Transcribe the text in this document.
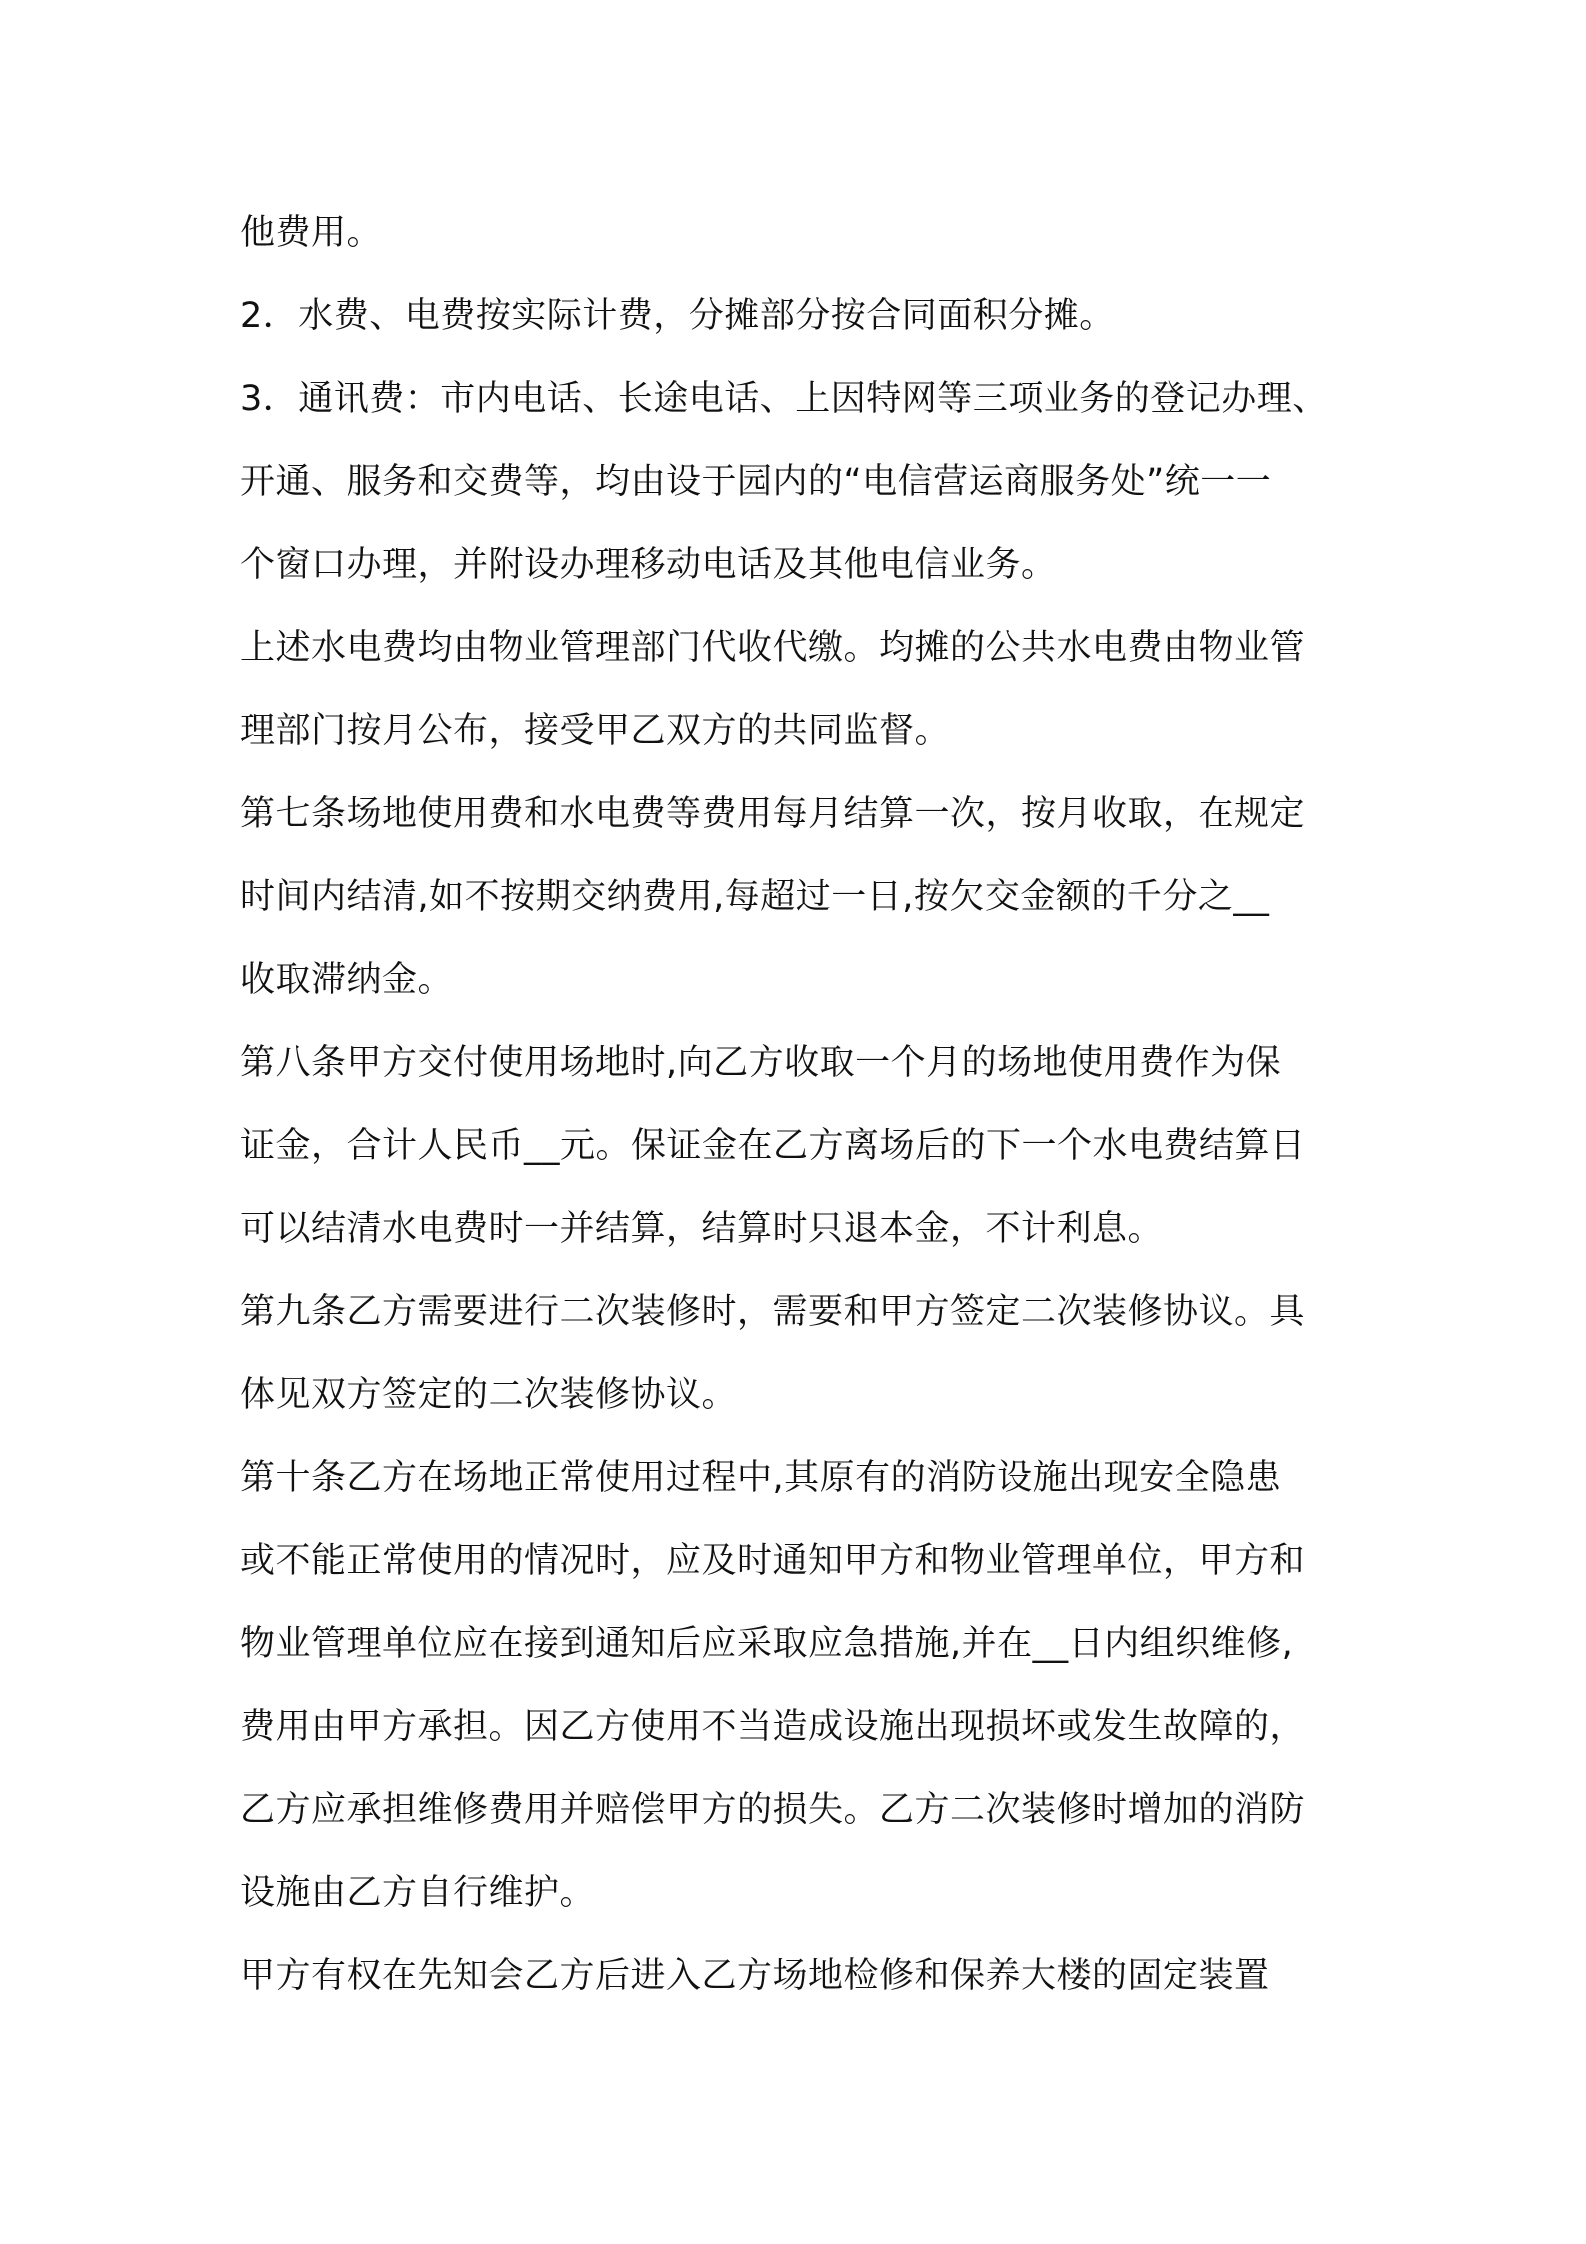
他费用。
2．水费、电费按实际计费，分摊部分按合同面积分摊。
3．通讯费：市内电话、长途电话、上因特网等三项业务的登记办理、
开通、服务和交费等，均由设于园内的“电信营运商服务处”统一一
个窗口办理，并附设办理移动电话及其他电信业务。
上述水电费均由物业管理部门代收代缴。均摊的公共水电费由物业管
理部门按月公布，接受甲乙双方的共同监督。
第七条场地使用费和水电费等费用每月结算一次，按月收取，在规定
时间内结清,如不按期交纳费用,每超过一日,按欠交金额的千分之__
收取滞纳金。
第八条甲方交付使用场地时,向乙方收取一个月的场地使用费作为保
证金，合计人民币__元。保证金在乙方离场后的下一个水电费结算日
可以结清水电费时一并结算，结算时只退本金，不计利息。
第九条乙方需要进行二次装修时，需要和甲方签定二次装修协议。具
体见双方签定的二次装修协议。
第十条乙方在场地正常使用过程中,其原有的消防设施出现安全隐患
或不能正常使用的情况时，应及时通知甲方和物业管理单位，甲方和
物业管理单位应在接到通知后应采取应急措施,并在__日内组织维修,
费用由甲方承担。因乙方使用不当造成设施出现损坏或发生故障的，
乙方应承担维修费用并赔偿甲方的损失。乙方二次装修时增加的消防
设施由乙方自行维护。
甲方有权在先知会乙方后进入乙方场地检修和保养大楼的固定装置
